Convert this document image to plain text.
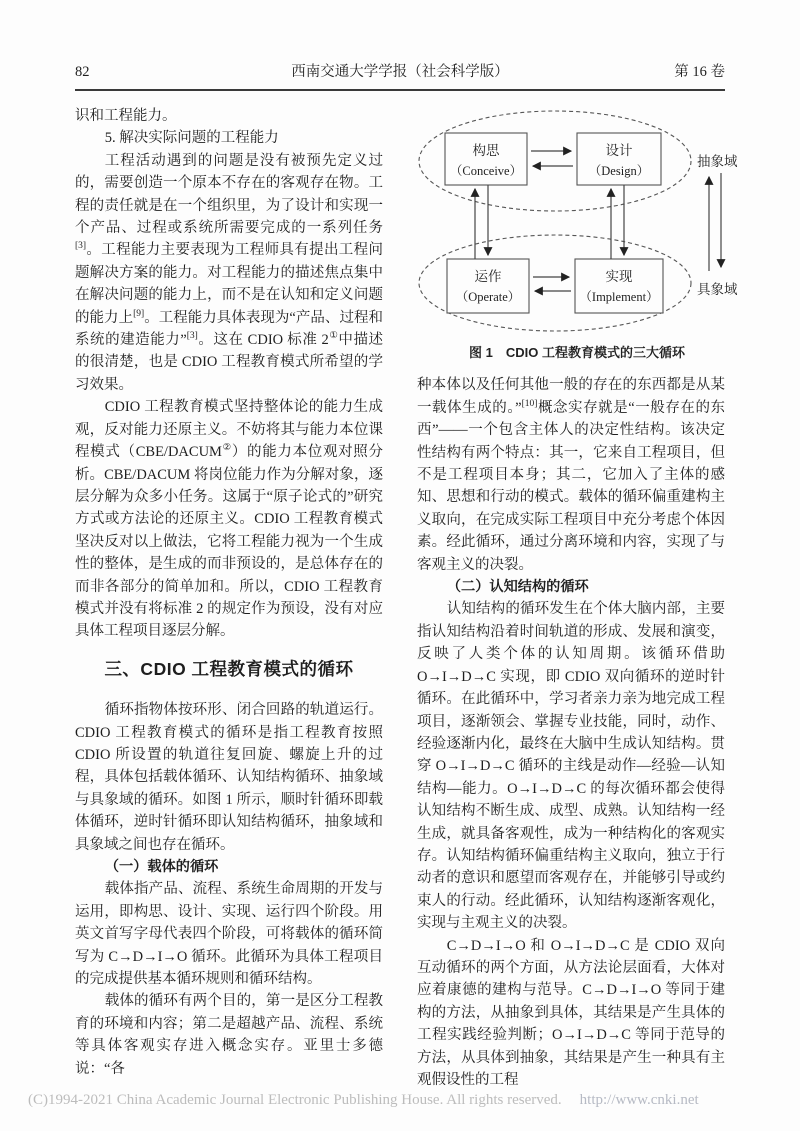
82	西南交通大学学报（社会科学版）	第 16 卷

识和工程能力。

5. 解决实际问题的工程能力

工程活动遇到的问题是没有被预先定义过的，需要创造一个原本不存在的客观存在物。工程的责任就是在一个组织里，为了设计和实现一个产品、过程或系统所需要完成的一系列任务[3]。工程能力主要表现为工程师具有提出工程问题解决方案的能力。对工程能力的描述焦点集中在解决问题的能力上，而不是在认知和定义问题的能力上[9]。工程能力具体表现为“产品、过程和系统的建造能力”[3]。这在 CDIO 标准 2①中描述的很清楚，也是 CDIO 工程教育模式所希望的学习效果。

CDIO 工程教育模式坚持整体论的能力生成观，反对能力还原主义。不妨将其与能力本位课程模式（CBE/DACUM②）的能力本位观对照分析。CBE/DACUM 将岗位能力作为分解对象，逐层分解为众多小任务。这属于“原子论式的”研究方式或方法论的还原主义。CDIO 工程教育模式坚决反对以上做法，它将工程能力视为一个生成性的整体，是生成的而非预设的，是总体存在的而非各部分的简单加和。所以，CDIO 工程教育模式并没有将标准 2 的规定作为预设，没有对应具体工程项目逐层分解。

三、CDIO 工程教育模式的循环

循环指物体按环形、闭合回路的轨道运行。CDIO 工程教育模式的循环是指工程教育按照 CDIO 所设置的轨道往复回旋、螺旋上升的过程，具体包括载体循环、认知结构循环、抽象域与具象域的循环。如图 1 所示，顺时针循环即载体循环，逆时针循环即认知结构循环，抽象域和具象域之间也存在循环。

（一）载体的循环

载体指产品、流程、系统生命周期的开发与运用，即构思、设计、实现、运行四个阶段。用英文首写字母代表四个阶段，可将载体的循环简写为 C→D→I→O 循环。此循环为具体工程项目的完成提供基本循环规则和循环结构。

载体的循环有两个目的，第一是区分工程教育的环境和内容；第二是超越产品、流程、系统等具体客观实存进入概念实存。亚里士多德说：“各

构思
（Conceive）
设计
（Design）
运作
（Operate）
实现
（Implement）
抽象域
具象域
图 1　CDIO 工程教育模式的三大循环

种本体以及任何其他一般的存在的东西都是从某一载体生成的。”[10]概念实存就是“一般存在的东西”——一个包含主体人的决定性结构。该决定性结构有两个特点：其一，它来自工程项目，但不是工程项目本身；其二，它加入了主体的感知、思想和行动的模式。载体的循环偏重建构主义取向，在完成实际工程项目中充分考虑个体因素。经此循环，通过分离环境和内容，实现了与客观主义的决裂。

（二）认知结构的循环

认知结构的循环发生在个体大脑内部，主要指认知结构沿着时间轨道的形成、发展和演变，反映了人类个体的认知周期。该循环借助 O→I→D→C 实现，即 CDIO 双向循环的逆时针循环。在此循环中，学习者亲力亲为地完成工程项目，逐渐领会、掌握专业技能，同时，动作、经验逐渐内化，最终在大脑中生成认知结构。贯穿 O→I→D→C 循环的主线是动作—经验—认知结构—能力。O→I→D→C 的每次循环都会使得认知结构不断生成、成型、成熟。认知结构一经生成，就具备客观性，成为一种结构化的客观实存。认知结构循环偏重结构主义取向，独立于行动者的意识和愿望而客观存在，并能够引导或约束人的行动。经此循环，认知结构逐渐客观化，实现与主观主义的决裂。

C→D→I→O 和 O→I→D→C 是 CDIO 双向互动循环的两个方面，从方法论层面看，大体对应着康德的建构与范导。C→D→I→O 等同于建构的方法，从抽象到具体，其结果是产生具体的工程实践经验判断；O→I→D→C 等同于范导的方法，从具体到抽象，其结果是产生一种具有主观假设性的工程

(C)1994-2021 China Academic Journal Electronic Publishing House. All rights reserved. http://www.cnki.net
